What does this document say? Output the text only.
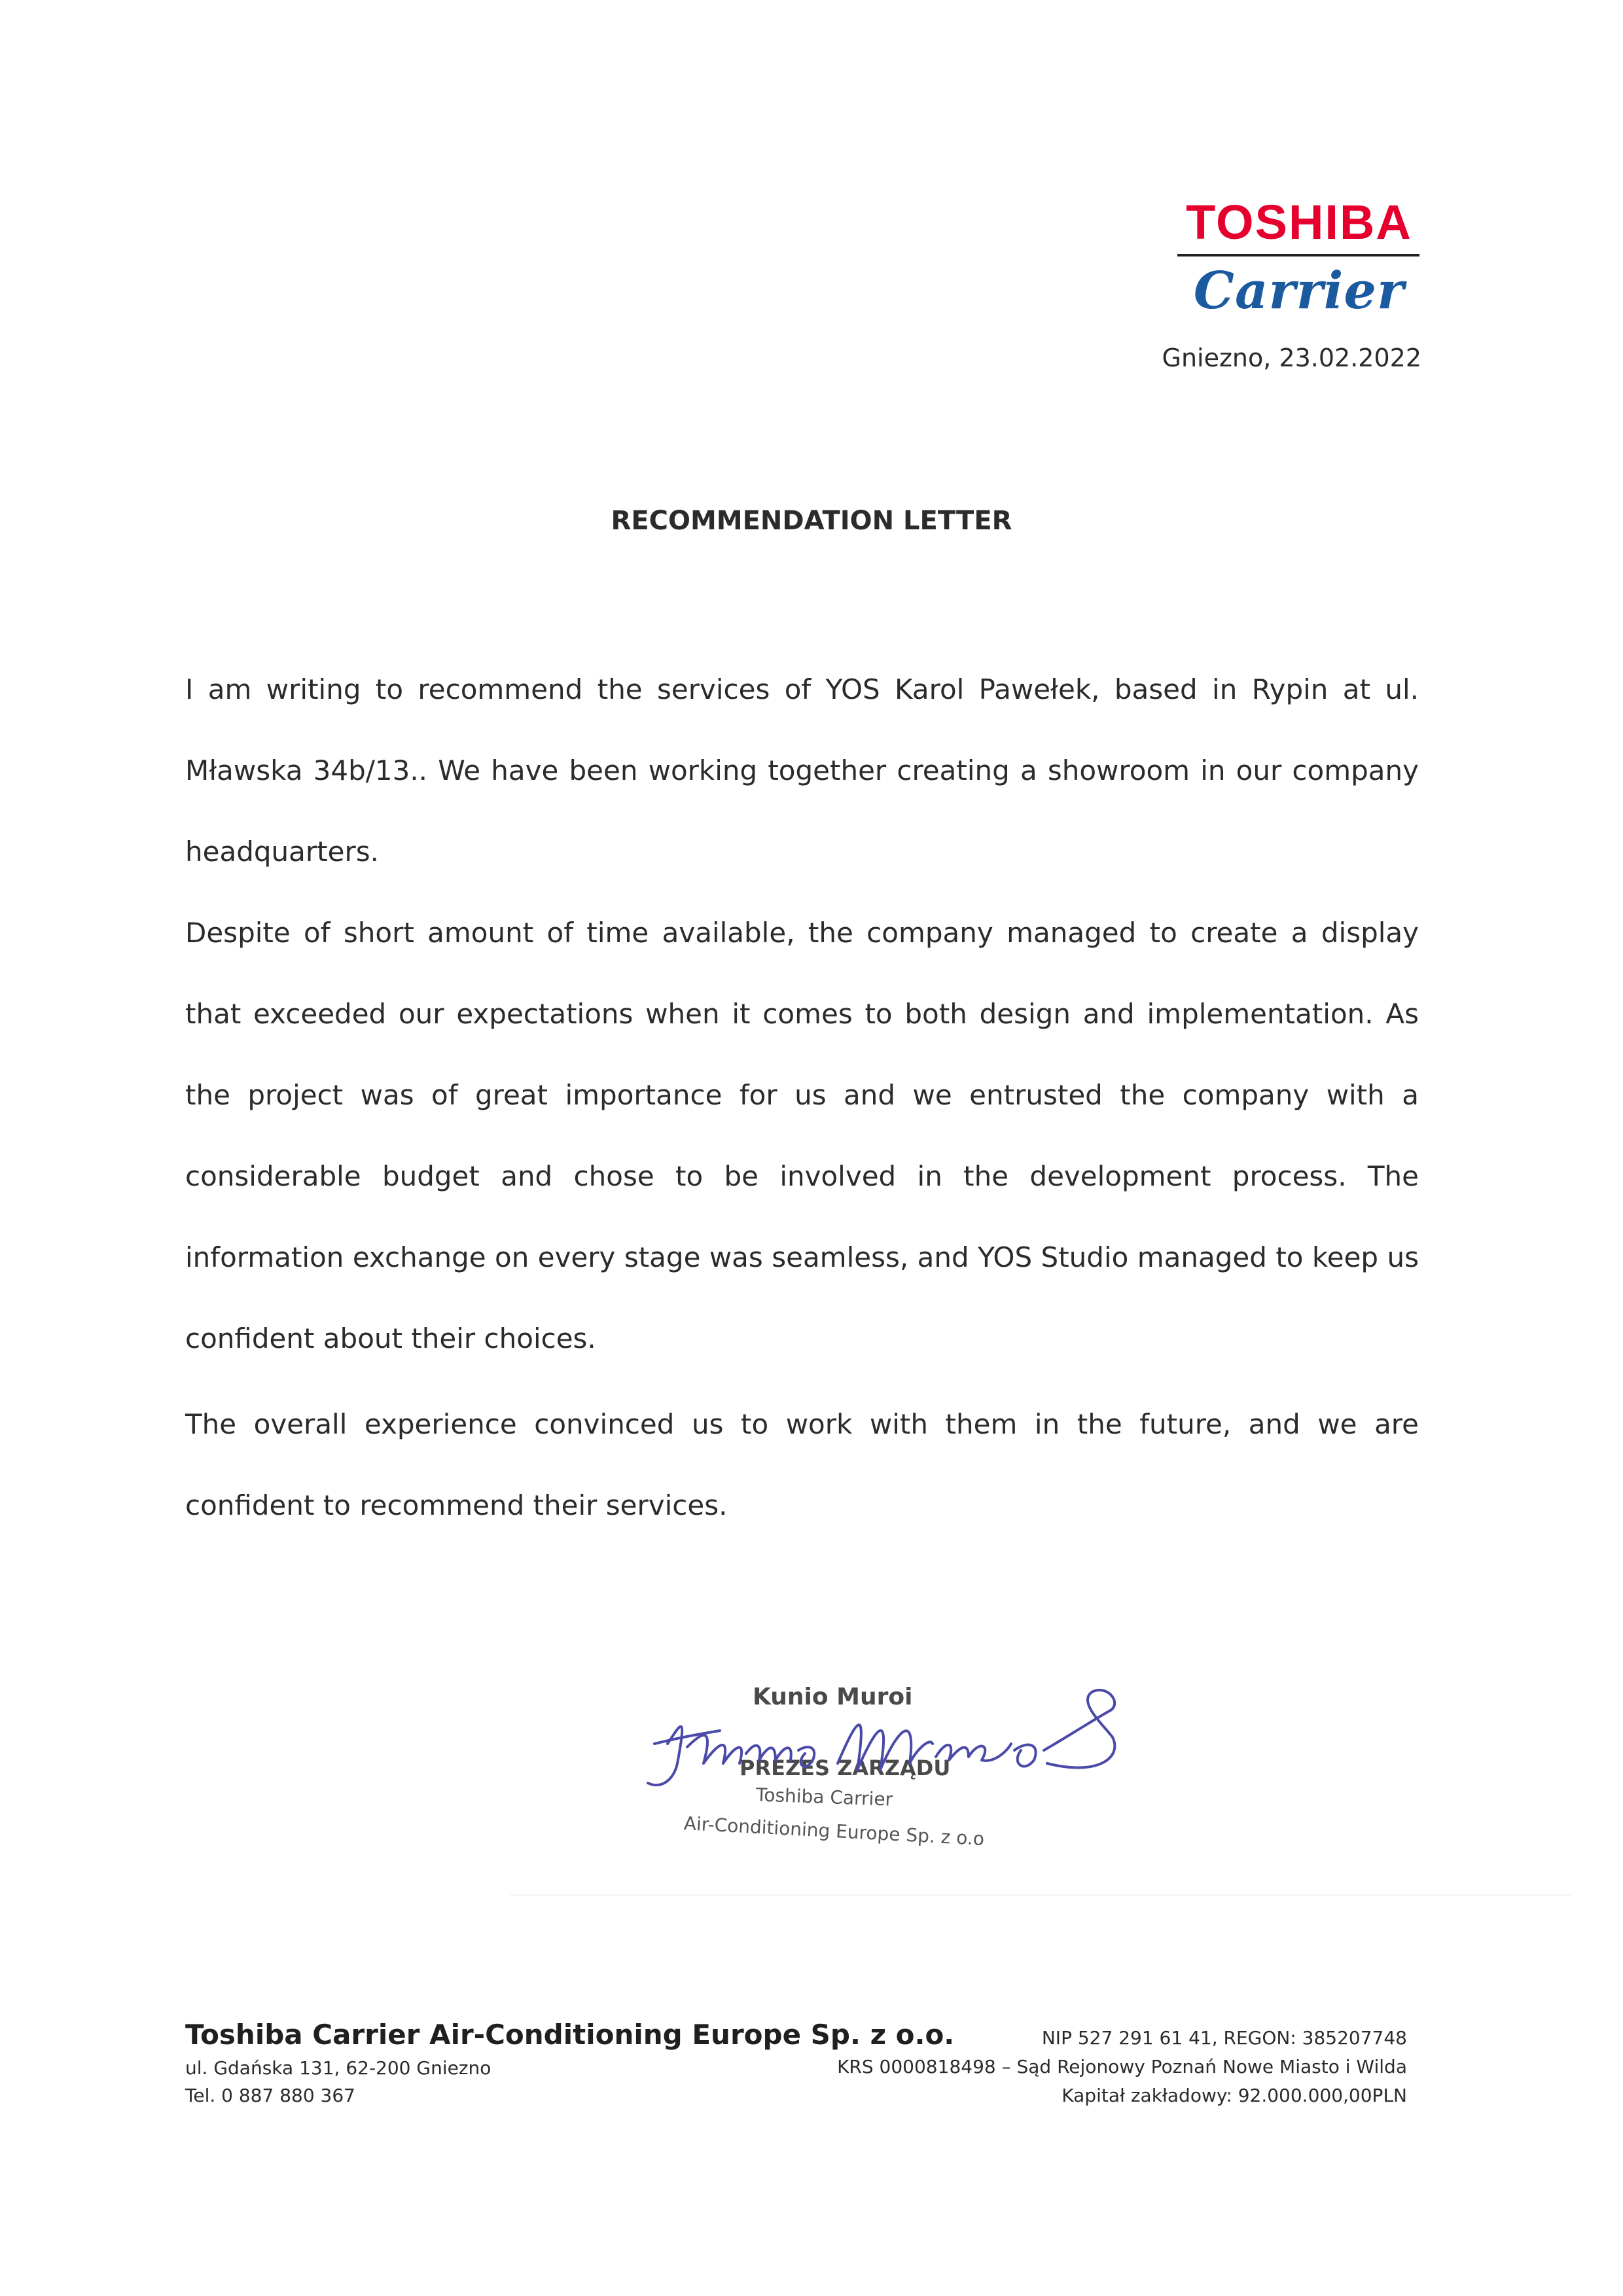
TOSHIBA
Carrier
Gniezno, 23.02.2022
RECOMMENDATION LETTER
I am writing to recommend the services of YOS Karol Pawełek, based in Rypin at ul. Mławska 34b/13.. We have been working together creating a showroom in our company headquarters.
Despite of short amount of time available, the company managed to create a display that exceeded our expectations when it comes to both design and implementation. As the project was of great importance for us and we entrusted the company with a considerable budget and chose to be involved in the development process. The information exchange on every stage was seamless, and YOS Studio managed to keep us confident about their choices.
The overall experience convinced us to work with them in the future, and we are confident to recommend their services.
Kunio Muroi
PREZES ZARZĄDU
Toshiba Carrier
Air-Conditioning Europe Sp. z o.o
Toshiba Carrier Air-Conditioning Europe Sp. z o.o.
ul. Gdańska 131, 62-200 Gniezno
Tel. 0 887 880 367
NIP 527 291 61 41, REGON: 385207748
KRS 0000818498 – Sąd Rejonowy Poznań Nowe Miasto i Wilda
Kapitał zakładowy: 92.000.000,00PLN
